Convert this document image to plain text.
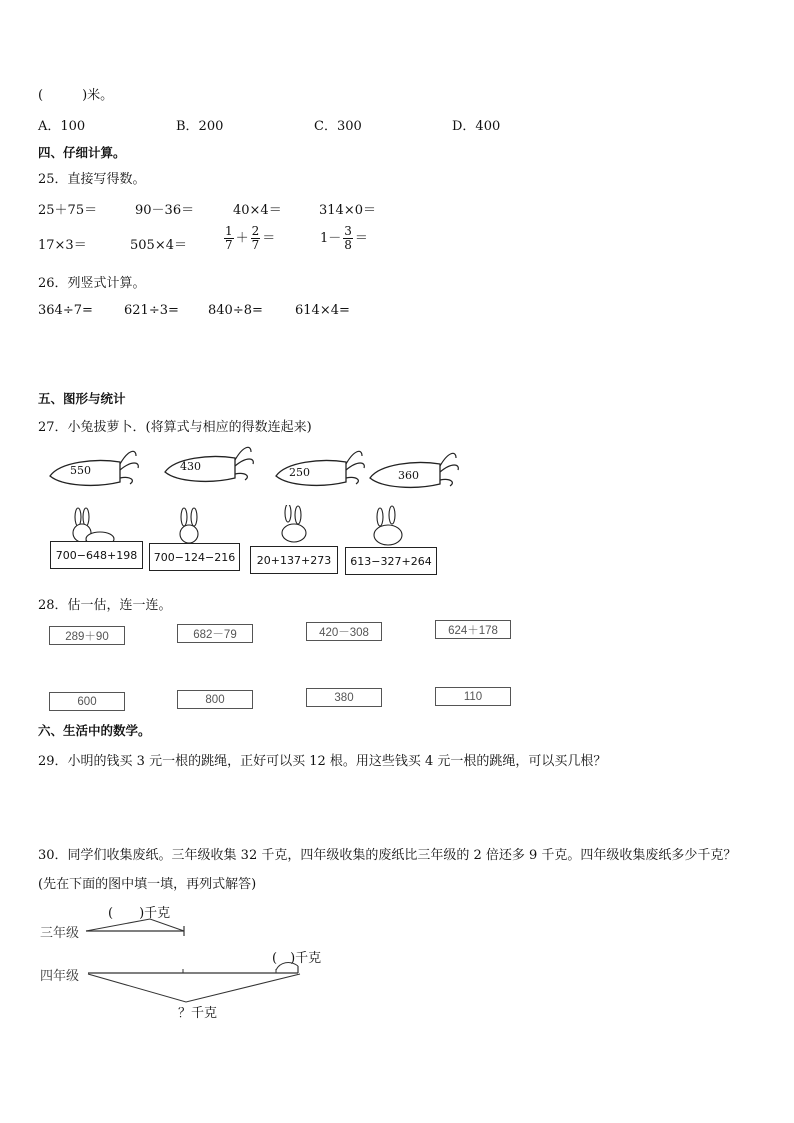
(　　　)米。
A．100	B．200	C．300	D．400
四、仔细计算。
25．直接写得数。
25＋75＝	90－36＝	40×4＝	314×0＝
17×3＝	505×4＝	$\frac{1}{7} + \frac{2}{7}$ ＝	$1- \frac{3}{8}$ ＝
26．列竖式计算。
364÷7= 621÷3= 840÷8= 614×4=
五、图形与统计
27．小兔拔萝卜．(将算式与相应的得数连起来)
550	430	250	360
700−648+198	700−124−216	20+137+273	613−327+264
28．估一估，连一连。
289＋90	682－79	420－308	624＋178
600	800	380	110
六、生活中的数学。
29．小明的钱买 3 元一根的跳绳，正好可以买 12 根。用这些钱买 4 元一根的跳绳，可以买几根？
30．同学们收集废纸。三年级收集 32 千克，四年级收集的废纸比三年级的 2 倍还多 9 千克。四年级收集废纸多少千克？
(先在下面的图中填一填，再列式解答)
三年级
四年级
(　　)千克
(　)千克
？千克
